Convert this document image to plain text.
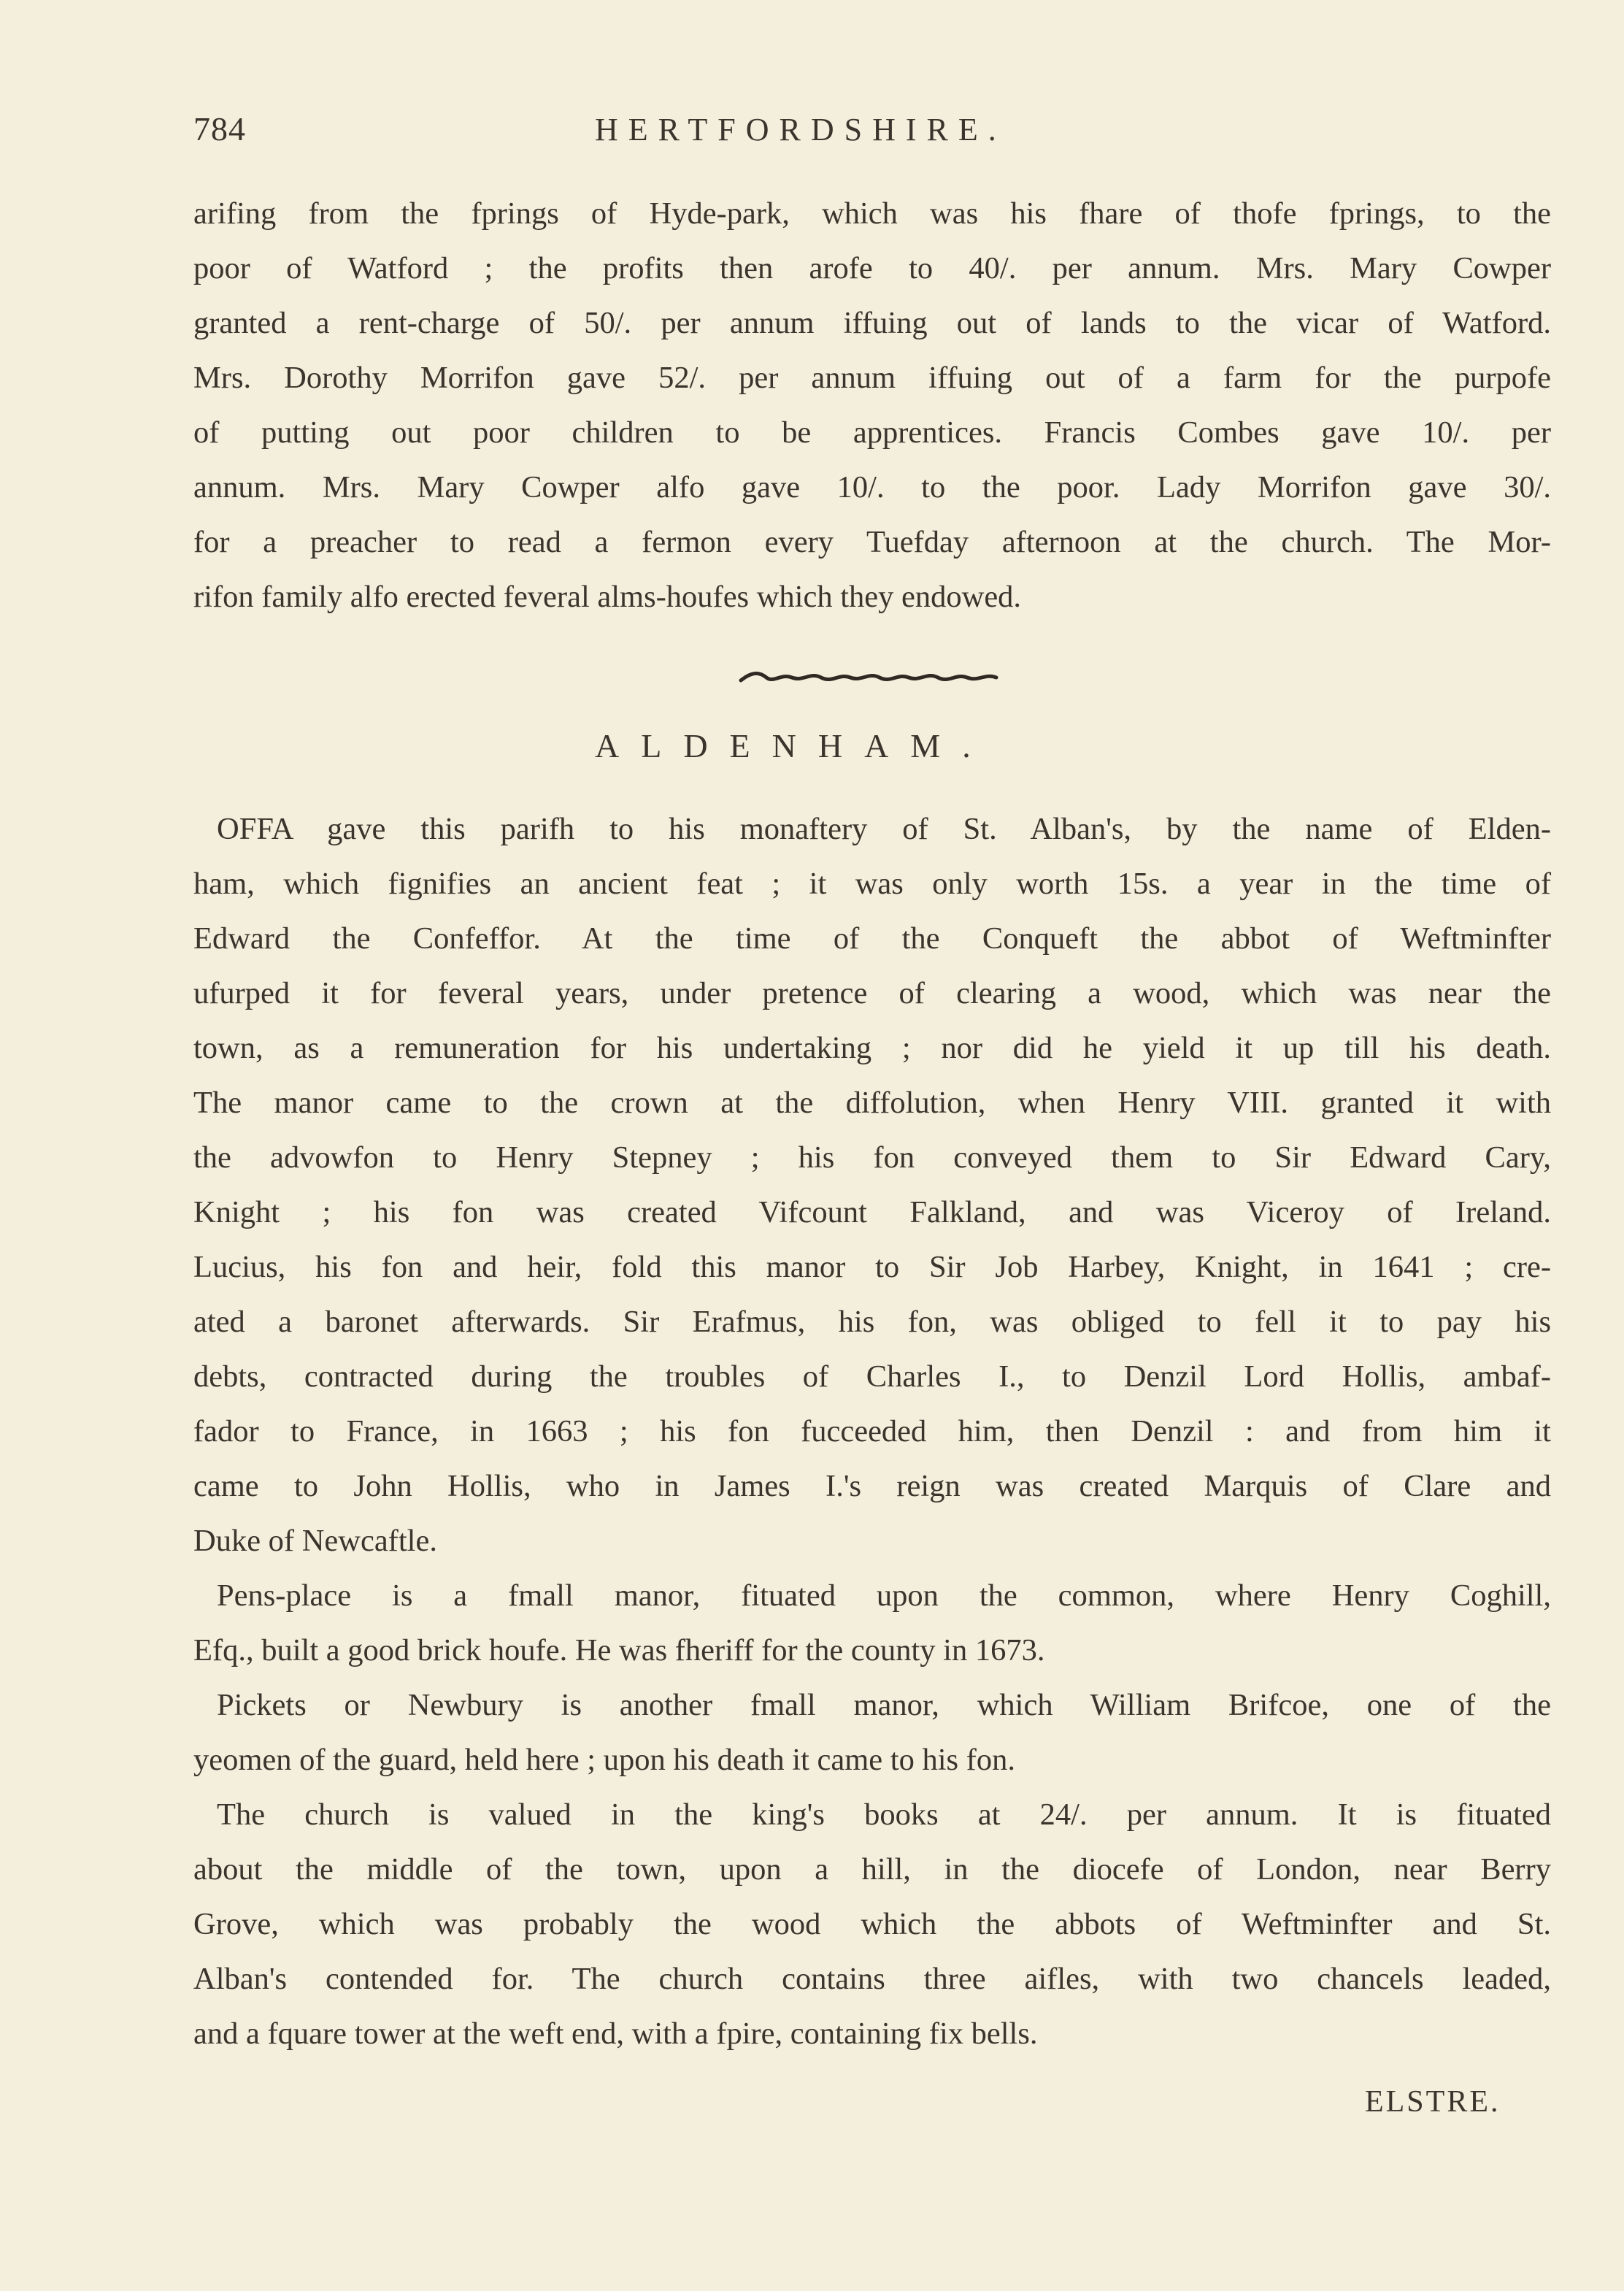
784	HERTFORDSHIRE.
arifing from the fprings of Hyde-park, which was his fhare of thofe fprings, to the
poor of Watford ; the profits then arofe to 40/. per annum. Mrs. Mary Cowper
granted a rent-charge of 50/. per annum iffuing out of lands to the vicar of Watford.
Mrs. Dorothy Morrifon gave 52/. per annum iffuing out of a farm for the purpofe
of putting out poor children to be apprentices. Francis Combes gave 10/. per
annum. Mrs. Mary Cowper alfo gave 10/. to the poor. Lady Morrifon gave 30/.
for a preacher to read a fermon every Tuefday afternoon at the church. The Mor-
rifon family alfo erected feveral alms-houfes which they endowed.
ALDENHAM.
OFFA gave this parifh to his monaftery of St. Alban's, by the name of Elden-
ham, which fignifies an ancient feat ; it was only worth 15s. a year in the time of
Edward the Confeffor. At the time of the Conqueft the abbot of Weftminfter
ufurped it for feveral years, under pretence of clearing a wood, which was near the
town, as a remuneration for his undertaking ; nor did he yield it up till his death.
The manor came to the crown at the diffolution, when Henry VIII. granted it with
the advowfon to Henry Stepney ; his fon conveyed them to Sir Edward Cary,
Knight ; his fon was created Vifcount Falkland, and was Viceroy of Ireland.
Lucius, his fon and heir, fold this manor to Sir Job Harbey, Knight, in 1641 ; cre-
ated a baronet afterwards. Sir Erafmus, his fon, was obliged to fell it to pay his
debts, contracted during the troubles of Charles I., to Denzil Lord Hollis, ambaf-
fador to France, in 1663 ; his fon fucceeded him, then Denzil : and from him it
came to John Hollis, who in James I.'s reign was created Marquis of Clare and
Duke of Newcaftle.
Pens-place is a fmall manor, fituated upon the common, where Henry Coghill,
Efq., built a good brick houfe. He was fheriff for the county in 1673.
Pickets or Newbury is another fmall manor, which William Brifcoe, one of the
yeomen of the guard, held here ; upon his death it came to his fon.
The church is valued in the king's books at 24/. per annum. It is fituated
about the middle of the town, upon a hill, in the diocefe of London, near Berry
Grove, which was probably the wood which the abbots of Weftminfter and St.
Alban's contended for. The church contains three aifles, with two chancels leaded,
and a fquare tower at the weft end, with a fpire, containing fix bells.
ELSTRE.
